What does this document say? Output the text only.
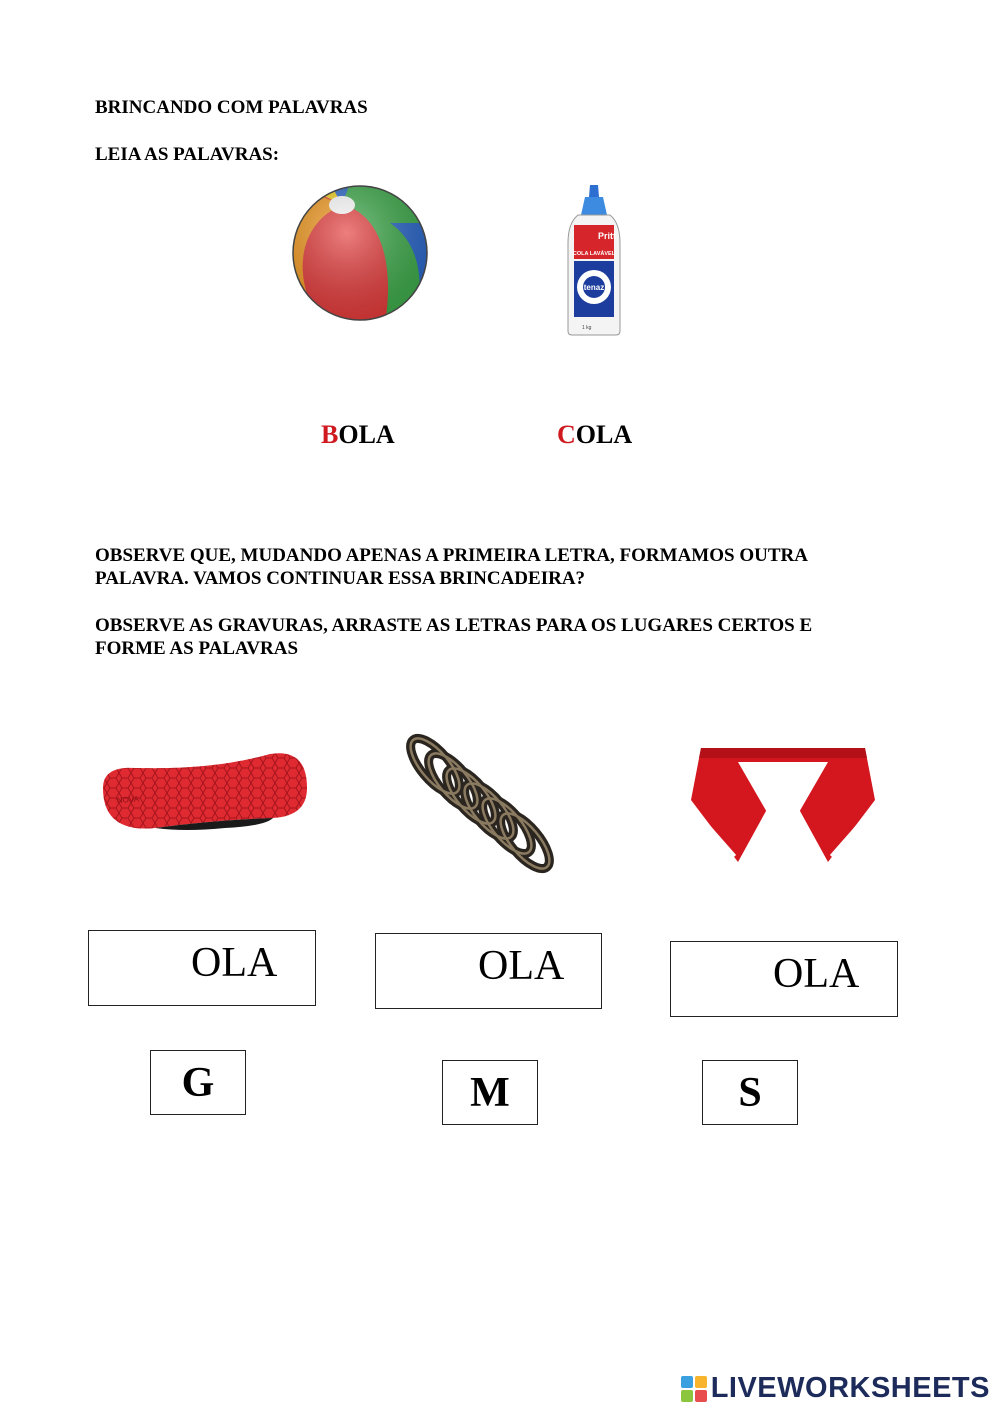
BRINCANDO COM PALAVRAS
LEIA AS PALAVRAS:
Pritt
COLA LAVÁVEL
tenaz
1 kg
BOLA	COLA
OBSERVE QUE, MUDANDO APENAS A PRIMEIRA LETRA, FORMAMOS OUTRA
PALAVRA. VAMOS CONTINUAR ESSA BRINCADEIRA?
OBSERVE AS GRAVURAS, ARRASTE AS LETRAS PARA OS LUGARES CERTOS E
FORME AS PALAVRAS
NOVA
OLA	OLA	OLA
G	M	S
LIVEWORKSHEETS
